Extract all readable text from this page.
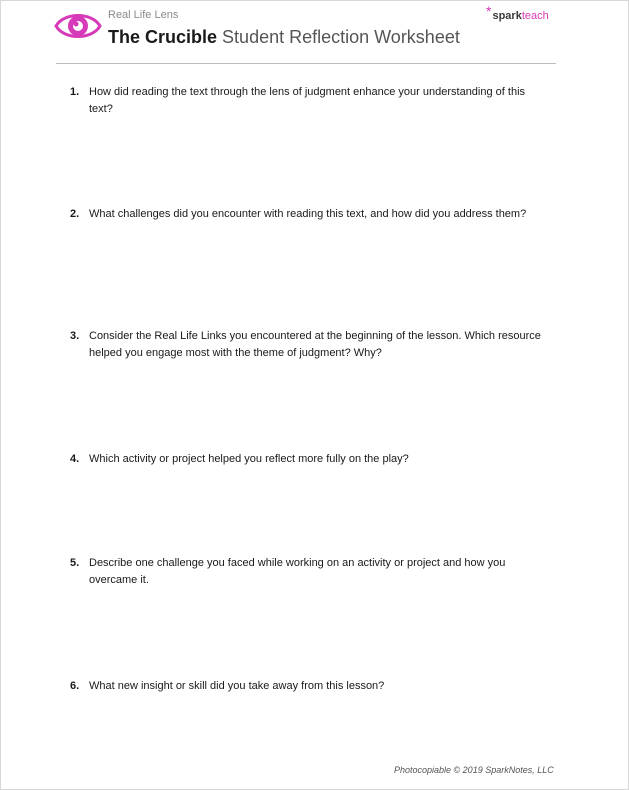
Real Life Lens
The Crucible Student Reflection Worksheet
*sparkteach
1. How did reading the text through the lens of judgment enhance your understanding of this text?
2. What challenges did you encounter with reading this text, and how did you address them?
3. Consider the Real Life Links you encountered at the beginning of the lesson. Which resource helped you engage most with the theme of judgment? Why?
4. Which activity or project helped you reflect more fully on the play?
5. Describe one challenge you faced while working on an activity or project and how you overcame it.
6. What new insight or skill did you take away from this lesson?
Photocopiable © 2019 SparkNotes, LLC
